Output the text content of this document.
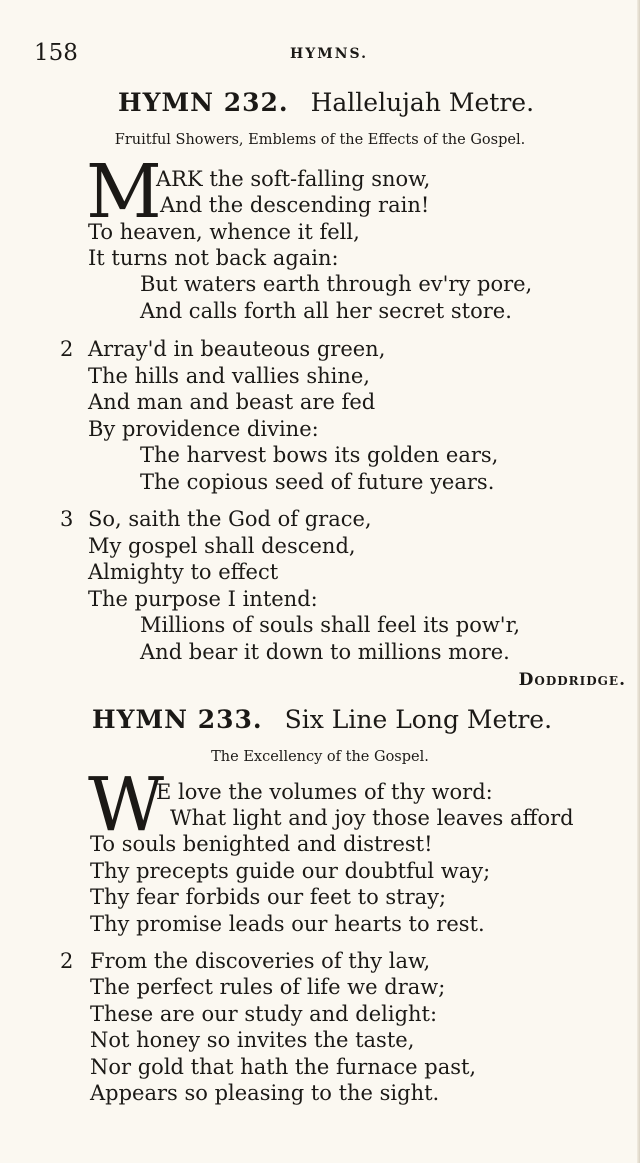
158	HYMNS.
HYMN 232. Hallelujah Metre.
Fruitful Showers, Emblems of the Effects of the Gospel.
M
ARK the soft-falling snow,
And the descending rain!
To heaven, whence it fell,
It turns not back again:
But waters earth through ev'ry pore,
And calls forth all her secret store.
2 Array'd in beauteous green,
The hills and vallies shine,
And man and beast are fed
By providence divine:
The harvest bows its golden ears,
The copious seed of future years.
3 So, saith the God of grace,
My gospel shall descend,
Almighty to effect
The purpose I intend:
Millions of souls shall feel its pow'r,
And bear it down to millions more.
Doddridge.
HYMN 233. Six Line Long Metre.
The Excellency of the Gospel.
W
E love the volumes of thy word:
What light and joy those leaves afford
To souls benighted and distrest!
Thy precepts guide our doubtful way;
Thy fear forbids our feet to stray;
Thy promise leads our hearts to rest.
2 From the discoveries of thy law,
The perfect rules of life we draw;
These are our study and delight:
Not honey so invites the taste,
Nor gold that hath the furnace past,
Appears so pleasing to the sight.
